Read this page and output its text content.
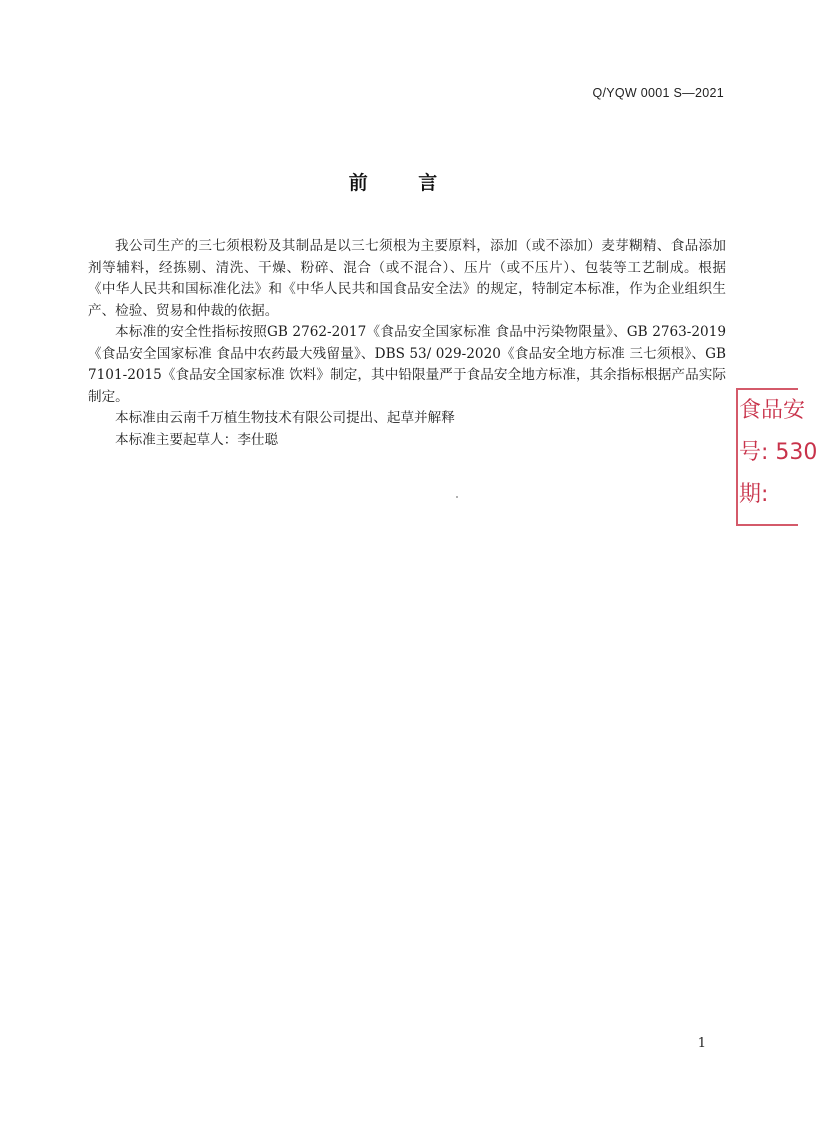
Q/YQW 0001 S—2021
前 言

我公司生产的三七须根粉及其制品是以三七须根为主要原料，添加（或不添加）麦芽糊精、食品添加剂等辅料，经拣剔、清洗、干燥、粉碎、混合（或不混合）、压片（或不压片）、包装等工艺制成。根据《中华人民共和国标准化法》和《中华人民共和国食品安全法》的规定，特制定本标准，作为企业组织生产、检验、贸易和仲裁的依据。

本标准的安全性指标按照GB 2762-2017《食品安全国家标准 食品中污染物限量》、GB 2763-2019《食品安全国家标准 食品中农药最大残留量》、DBS 53/ 029-2020《食品安全地方标准 三七须根》、GB 7101-2015《食品安全国家标准 饮料》制定，其中铅限量严于食品安全地方标准，其余指标根据产品实际制定。

本标准由云南千万植生物技术有限公司提出、起草并解释

本标准主要起草人：李仕聪

食品安
号: 530
期:
1
